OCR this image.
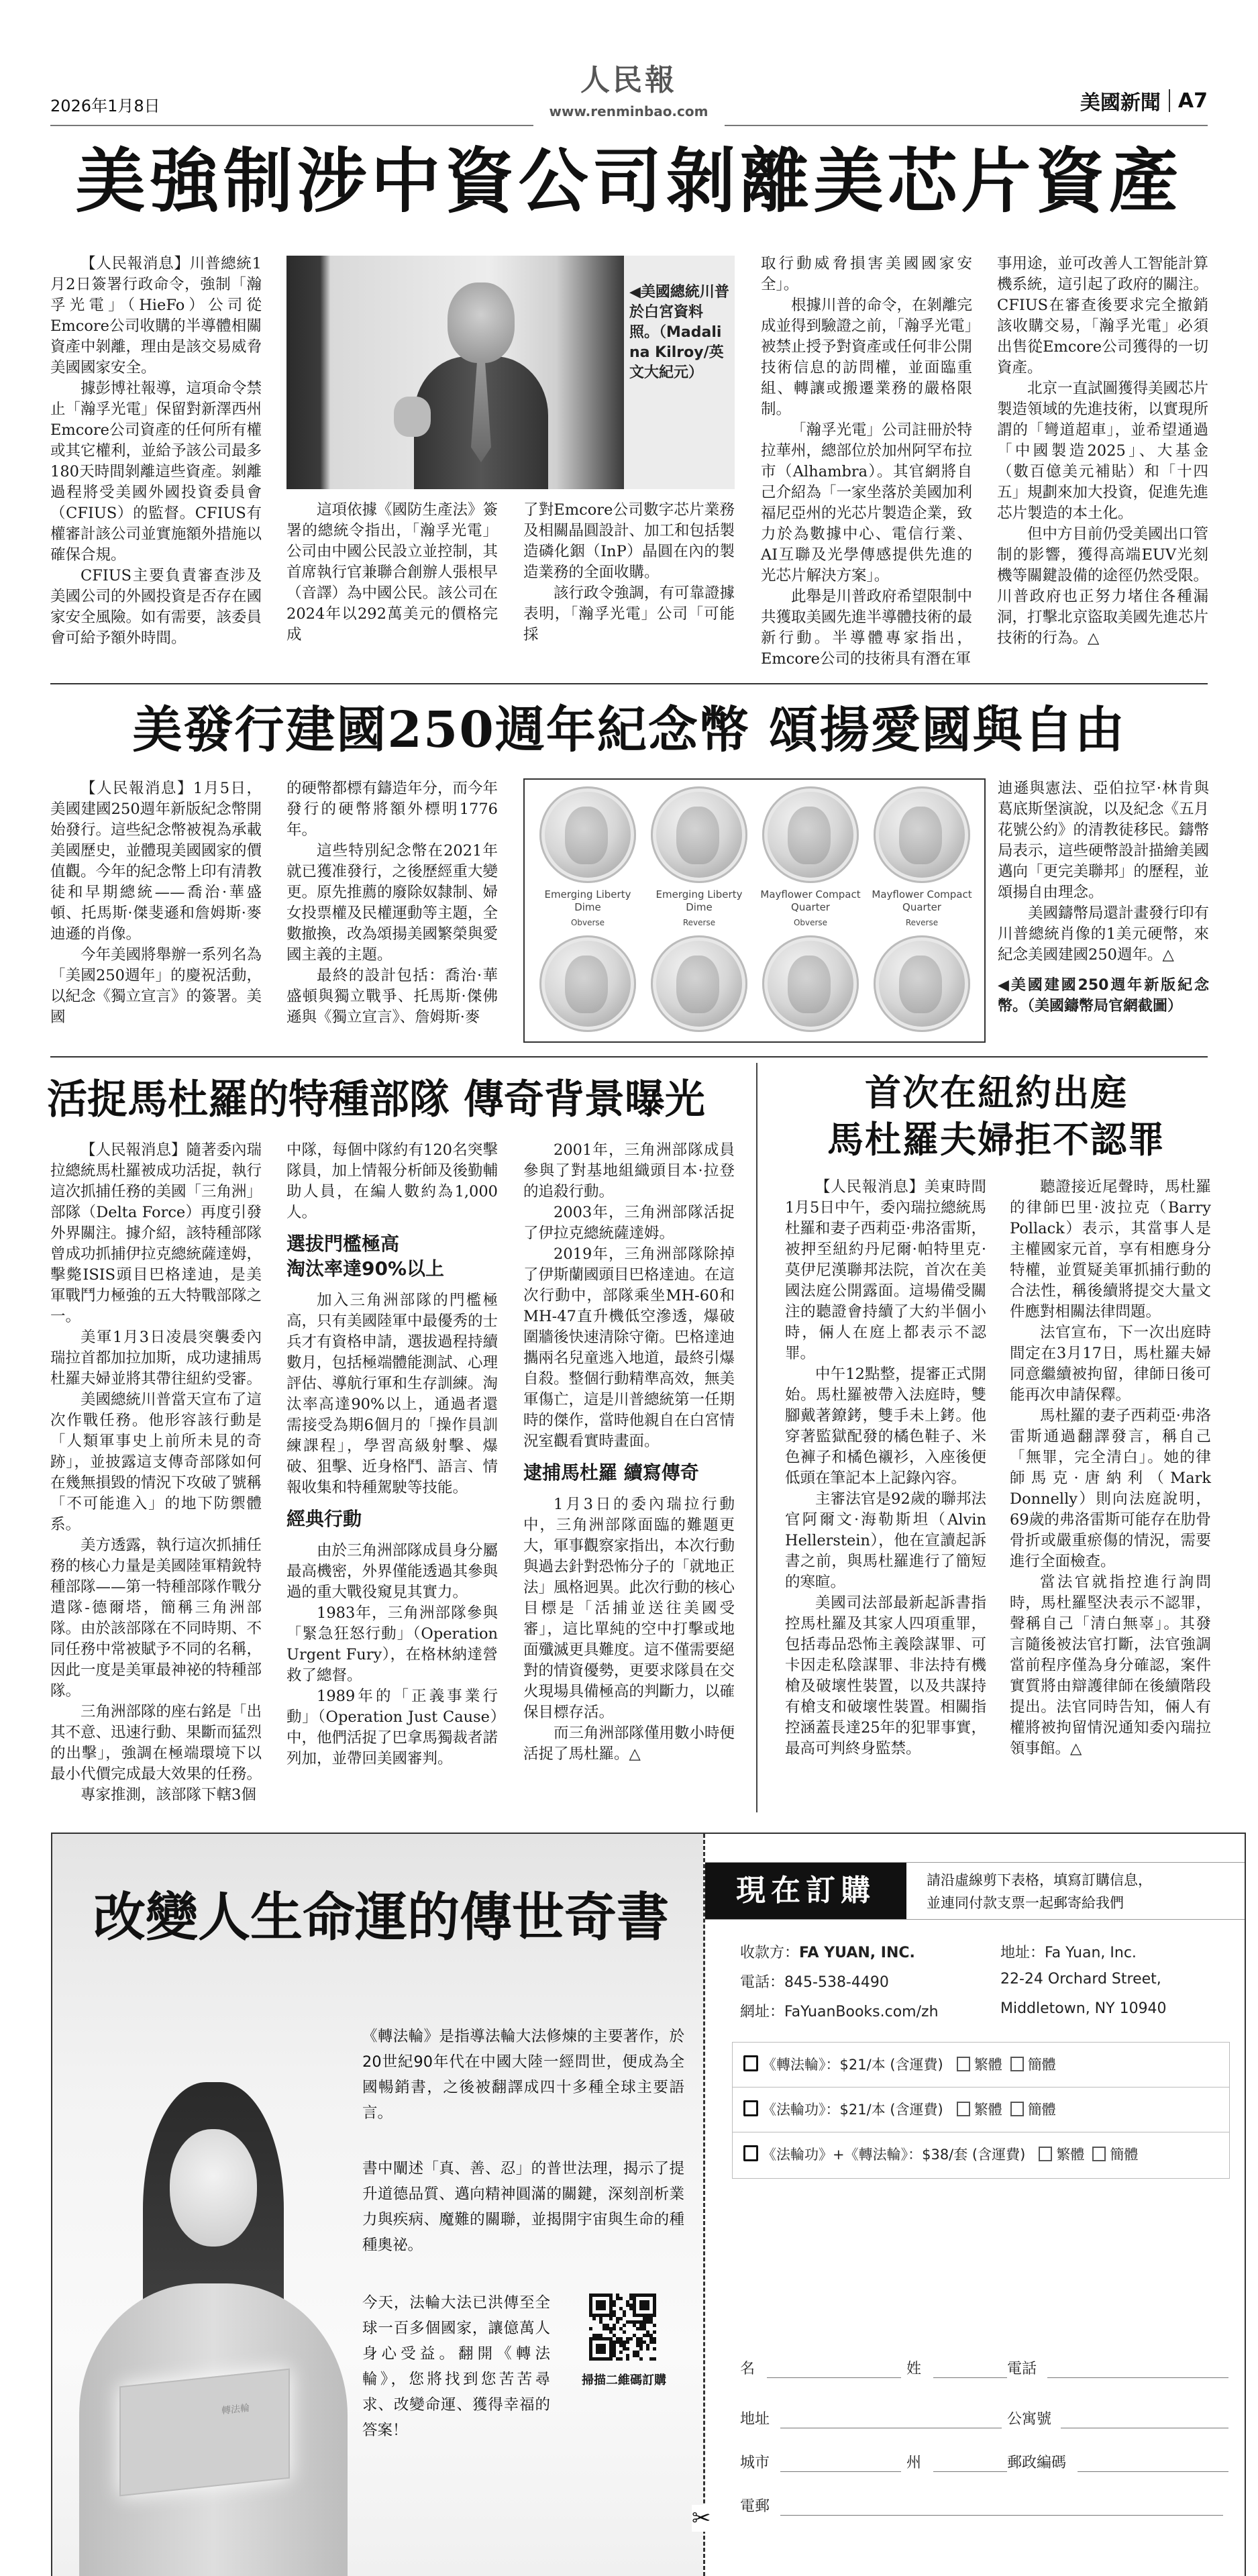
2026年1月8日
人民報
www.renminbao.com	美國新聞 A7
美強制涉中資公司剝離美芯片資產

【人民報消息】川普總統1月2日簽署行政命令，強制「瀚孚光電」（HieFo）公司從Emcore公司收購的半導體相關資產中剝離，理由是該交易威脅美國國家安全。

據彭博社報導，這項命令禁止「瀚孚光電」保留對新澤西州Emcore公司資產的任何所有權或其它權利，並給予該公司最多180天時間剝離這些資產。剝離過程將受美國外國投資委員會（CFIUS）的監督。CFIUS有權審計該公司並實施額外措施以確保合規。

CFIUS主要負責審查涉及美國公司的外國投資是否存在國家安全風險。如有需要，該委員會可給予額外時間。

這項依據《國防生產法》簽署的總統令指出，「瀚孚光電」公司由中國公民設立並控制，其首席執行官兼聯合創辦人張根早（音譯）為中國公民。該公司在2024年以292萬美元的價格完成

了對Emcore公司數字芯片業務及相關晶圓設計、加工和包括製造磷化銦（InP）晶圓在內的製造業務的全面收購。

該行政令強調，有可靠證據表明，「瀚孚光電」公司「可能採

取行動威脅損害美國國家安全」。

根據川普的命令，在剝離完成並得到驗證之前，「瀚孚光電」被禁止授予對資產或任何非公開技術信息的訪問權，並面臨重組、轉讓或搬遷業務的嚴格限制。

「瀚孚光電」公司註冊於特拉華州，總部位於加州阿罕布拉市（Alhambra）。其官網將自己介紹為「一家坐落於美國加利福尼亞州的光芯片製造企業，致力於為數據中心、電信行業、AI互聯及光學傳感提供先進的光芯片解決方案」。

此舉是川普政府希望限制中共獲取美國先進半導體技術的最新行動。半導體專家指出，Emcore公司的技術具有潛在軍

事用途，並可改善人工智能計算機系統，這引起了政府的關注。CFIUS在審查後要求完全撤銷該收購交易，「瀚孚光電」必須出售從Emcore公司獲得的一切資產。

北京一直試圖獲得美國芯片製造領域的先進技術，以實現所謂的「彎道超車」，並希望通過「中國製造2025」、大基金（數百億美元補貼）和「十四五」規劃來加大投資，促進先進芯片製造的本土化。

但中方目前仍受美國出口管制的影響，獲得高端EUV光刻機等關鍵設備的途徑仍然受限。川普政府也正努力堵住各種漏洞，打擊北京盜取美國先進芯片技術的行為。△

◀美國總統川普於白宮資料照。（Madalina Kilroy/英文大紀元）
美發行建國250週年紀念幣 頌揚愛國與自由

【人民報消息】1月5日，美國建國250週年新版紀念幣開始發行。這些紀念幣被視為承載美國歷史，並體現美國國家的價值觀。今年的紀念幣上印有清教徒和早期總統——喬治·華盛頓、托馬斯·傑斐遜和詹姆斯·麥迪遜的肖像。

今年美國將舉辦一系列名為「美國250週年」的慶祝活動，以紀念《獨立宣言》的簽署。美國

的硬幣都標有鑄造年分，而今年發行的硬幣將額外標明1776年。

這些特別紀念幣在2021年就已獲准發行，之後歷經重大變更。原先推薦的廢除奴隸制、婦女投票權及民權運動等主題，全數撤換，改為頌揚美國繁榮與愛國主義的主題。

最終的設計包括：喬治·華盛頓與獨立戰爭、托馬斯·傑佛遜與《獨立宣言》、詹姆斯·麥

迪遜與憲法、亞伯拉罕·林肯與葛底斯堡演說，以及紀念《五月花號公約》的清教徒移民。鑄幣局表示，這些硬幣設計描繪美國邁向「更完美聯邦」的歷程，並頌揚自由理念。

美國鑄幣局還計畫發行印有川普總統肖像的1美元硬幣，來紀念美國建國250週年。△

◀美國建國250週年新版紀念幣。（美國鑄幣局官網截圖）
Emerging Liberty Dime
Obverse
Emerging Liberty Dime
Reverse
Mayflower Compact Quarter
Obverse
Mayflower Compact Quarter
Reverse
活捉馬杜羅的特種部隊 傳奇背景曝光

【人民報消息】隨著委內瑞拉總統馬杜羅被成功活捉，執行這次抓捕任務的美國「三角洲」部隊（Delta Force）再度引發外界關注。據介紹，該特種部隊曾成功抓捕伊拉克總統薩達姆，擊斃ISIS頭目巴格達迪，是美軍戰鬥力極強的五大特戰部隊之一。

美軍1月3日凌晨突襲委內瑞拉首都加拉加斯，成功逮捕馬杜羅夫婦並將其帶往紐約受審。

美國總統川普當天宣布了這次作戰任務。他形容該行動是「人類軍事史上前所未見的奇跡」，並披露這支傳奇部隊如何在幾無損毀的情況下攻破了號稱「不可能進入」的地下防禦體系。

美方透露，執行這次抓捕任務的核心力量是美國陸軍精銳特種部隊——第一特種部隊作戰分遣隊-德爾塔，簡稱三角洲部隊。由於該部隊在不同時期、不同任務中常被賦予不同的名稱，因此一度是美軍最神祕的特種部隊。

三角洲部隊的座右銘是「出其不意、迅速行動、果斷而猛烈的出擊」，強調在極端環境下以最小代價完成最大效果的任務。

專家推測，該部隊下轄3個

中隊，每個中隊約有120名突擊隊員，加上情報分析師及後勤輔助人員，在編人數約為1,000人。

選拔門檻極高
淘汰率達90%以上

加入三角洲部隊的門檻極高，只有美國陸軍中最優秀的士兵才有資格申請，選拔過程持續數月，包括極端體能測試、心理評估、導航行軍和生存訓練。淘汰率高達90%以上，通過者還需接受為期6個月的「操作員訓練課程」，學習高級射擊、爆破、狙擊、近身格鬥、語言、情報收集和特種駕駛等技能。

經典行動

由於三角洲部隊成員身分屬最高機密，外界僅能透過其參與過的重大戰役窺見其實力。

1983年，三角洲部隊參與「緊急狂怒行動」（Operation Urgent Fury），在格林納達營救了總督。

1989年的「正義事業行動」（Operation Just Cause）中，他們活捉了巴拿馬獨裁者諾列加，並帶回美國審判。

2001年，三角洲部隊成員參與了對基地組織頭目本·拉登的追殺行動。

2003年，三角洲部隊活捉了伊拉克總統薩達姆。

2019年，三角洲部隊除掉了伊斯蘭國頭目巴格達迪。在這次行動中，部隊乘坐MH-60和MH-47直升機低空滲透，爆破圍牆後快速清除守衛。巴格達迪攜兩名兒童逃入地道，最終引爆自殺。整個行動精準高效，無美軍傷亡，這是川普總統第一任期時的傑作，當時他親自在白宮情況室觀看實時畫面。

逮捕馬杜羅 續寫傳奇

1月3日的委內瑞拉行動中，三角洲部隊面臨的難題更大，軍事觀察家指出，本次行動與過去針對恐怖分子的「就地正法」風格迥異。此次行動的核心目標是「活捕並送往美國受審」，這比單純的空中打擊或地面殲滅更具難度。這不僅需要絕對的情資優勢，更要求隊員在交火現場具備極高的判斷力，以確保目標存活。

而三角洲部隊僅用數小時便活捉了馬杜羅。△

首次在紐約出庭
馬杜羅夫婦拒不認罪

【人民報消息】美東時間1月5日中午，委內瑞拉總統馬杜羅和妻子西莉亞·弗洛雷斯，被押至紐約丹尼爾·帕特里克·莫伊尼漢聯邦法院，首次在美國法庭公開露面。這場備受關注的聽證會持續了大約半個小時，倆人在庭上都表示不認罪。

中午12點整，提審正式開始。馬杜羅被帶入法庭時，雙腳戴著鐐銬，雙手未上銬。他穿著監獄配發的橘色鞋子、米色褲子和橘色襯衫，入座後便低頭在筆記本上記錄內容。

主審法官是92歲的聯邦法官阿爾文·海勒斯坦（Alvin Hellerstein），他在宣讀起訴書之前，與馬杜羅進行了簡短的寒暄。

美國司法部最新起訴書指控馬杜羅及其家人四項重罪，包括毒品恐怖主義陰謀罪、可卡因走私陰謀罪、非法持有機槍及破壞性裝置，以及共謀持有槍支和破壞性裝置。相關指控涵蓋長達25年的犯罪事實，最高可判終身監禁。

聽證接近尾聲時，馬杜羅的律師巴里·波拉克（Barry Pollack）表示，其當事人是主權國家元首，享有相應身分特權，並質疑美軍抓捕行動的合法性，稱後續將提交大量文件應對相關法律問題。

法官宣布，下一次出庭時間定在3月17日，馬杜羅夫婦同意繼續被拘留，律師日後可能再次申請保釋。

馬杜羅的妻子西莉亞·弗洛雷斯通過翻譯發言，稱自己「無罪，完全清白」。她的律師馬克·唐納利（Mark Donnelly）則向法庭說明，69歲的弗洛雷斯可能存在肋骨骨折或嚴重瘀傷的情況，需要進行全面檢查。

當法官就指控進行詢問時，馬杜羅堅決表示不認罪，聲稱自己「清白無辜」。其發言隨後被法官打斷，法官強調當前程序僅為身分確認，案件實質將由辯護律師在後續階段提出。法官同時告知，倆人有權將被拘留情況通知委內瑞拉領事館。△

改變人生命運的傳世奇書
轉法輪
《轉法輪》是指導法輪大法修煉的主要著作，於20世紀90年代在中國大陸一經問世，便成為全國暢銷書，之後被翻譯成四十多種全球主要語言。
書中闡述「真、善、忍」的普世法理，揭示了提升道德品質、邁向精神圓滿的關鍵，深刻剖析業力與疾病、魔難的關聯，並揭開宇宙與生命的種種奧祕。
今天，法輪大法已洪傳至全球一百多個國家，讓億萬人身心受益。翻開《轉法輪》，您將找到您苦苦尋求、改變命運、獲得幸福的答案！
掃描二維碼訂購
現在訂購	請沿虛線剪下表格，填寫訂購信息，
並連同付款支票一起郵寄給我們
收款方：FA YUAN, INC.
電話：845-538-4490
網址：FaYuanBooks.com/zh
地址：Fa Yuan, Inc.
22-24 Orchard Street,
Middletown, NY 10940
《轉法輪》：$21/本 (含運費) 繁體 簡體
《法輪功》：$21/本 (含運費) 繁體 簡體
《法輪功》+《轉法輪》：$38/套 (含運費) 繁體 簡體
名	姓	電話
地址	公寓號
城市	州	郵政編碼
電郵
✂
